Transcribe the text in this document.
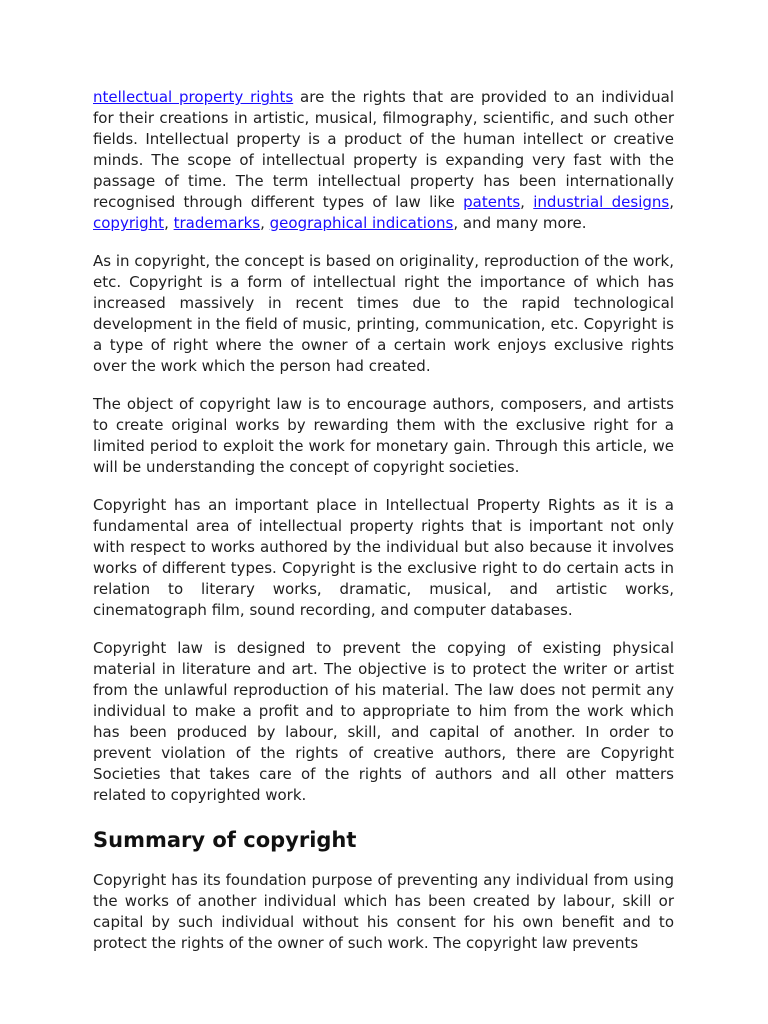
ntellectual property rights are the rights that are provided to an individual for their creations in artistic, musical, filmography, scientific, and such other fields. Intellectual property is a product of the human intellect or creative minds. The scope of intellectual property is expanding very fast with the passage of time. The term intellectual property has been internationally recognised through different types of law like patents, industrial designs, copyright, trademarks, geographical indications, and many more.

As in copyright, the concept is based on originality, reproduction of the work, etc. Copyright is a form of intellectual right the importance of which has increased massively in recent times due to the rapid technological development in the field of music, printing, communication, etc. Copyright is a type of right where the owner of a certain work enjoys exclusive rights over the work which the person had created.

The object of copyright law is to encourage authors, composers, and artists to create original works by rewarding them with the exclusive right for a limited period to exploit the work for monetary gain. Through this article, we will be understanding the concept of copyright societies.

Copyright has an important place in Intellectual Property Rights as it is a fundamental area of intellectual property rights that is important not only with respect to works authored by the individual but also because it involves works of different types. Copyright is the exclusive right to do certain acts in relation to literary works, dramatic, musical, and artistic works, cinematograph film, sound recording, and computer databases.

Copyright law is designed to prevent the copying of existing physical material in literature and art. The objective is to protect the writer or artist from the unlawful reproduction of his material. The law does not permit any individual to make a profit and to appropriate to him from the work which has been produced by labour, skill, and capital of another. In order to prevent violation of the rights of creative authors, there are Copyright Societies that takes care of the rights of authors and all other matters related to copyrighted work.

Summary of copyright

Copyright has its foundation purpose of preventing any individual from using the works of another individual which has been created by labour, skill or capital by such individual without his consent for his own benefit and to protect the rights of the owner of such work. The copyright law prevents
